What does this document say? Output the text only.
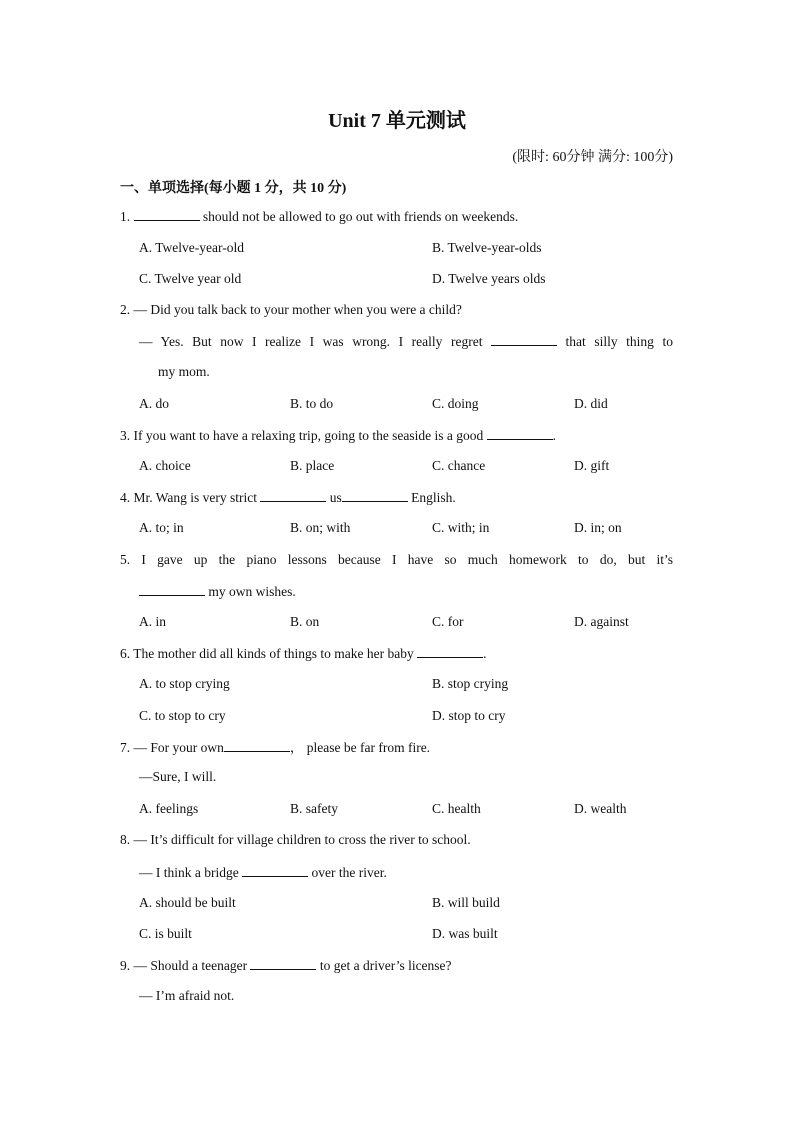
Unit 7 单元测试
(限时: 60分钟 满分: 100分)
一、单项选择(每小题 1 分，共 10 分)
1.	should not be allowed to go out with friends on weekends.
A. Twelve-year-old	B. Twelve-year-olds
C. Twelve year old	D. Twelve years olds
2. — Did you talk back to your mother when you were a child?
— Yes. But now I realize I was wrong. I really regret	that silly thing to
my mom.
A. do	B. to do	C. doing	D. did
3. If you want to have a relaxing trip, going to the seaside is a good	.
A. choice	B. place	C. chance	D. gift
4. Mr. Wang is very strict	us	English.
A. to; in	B. on; with	C. with; in	D. in; on
5. I gave up the piano lessons because I have so much homework to do, but it’s
my own wishes.
A. in	B. on	C. for	D. against
6. The mother did all kinds of things to make her baby	.
A. to stop crying	B. stop crying
C. to stop to cry	D. stop to cry
7. — For your own	， please be far from fire.
—Sure, I will.
A. feelings	B. safety	C. health	D. wealth
8. — It’s difficult for village children to cross the river to school.
— I think a bridge	over the river.
A. should be built	B. will build
C. is built	D. was built
9. — Should a teenager	to get a driver’s license?
— I’m afraid not.
